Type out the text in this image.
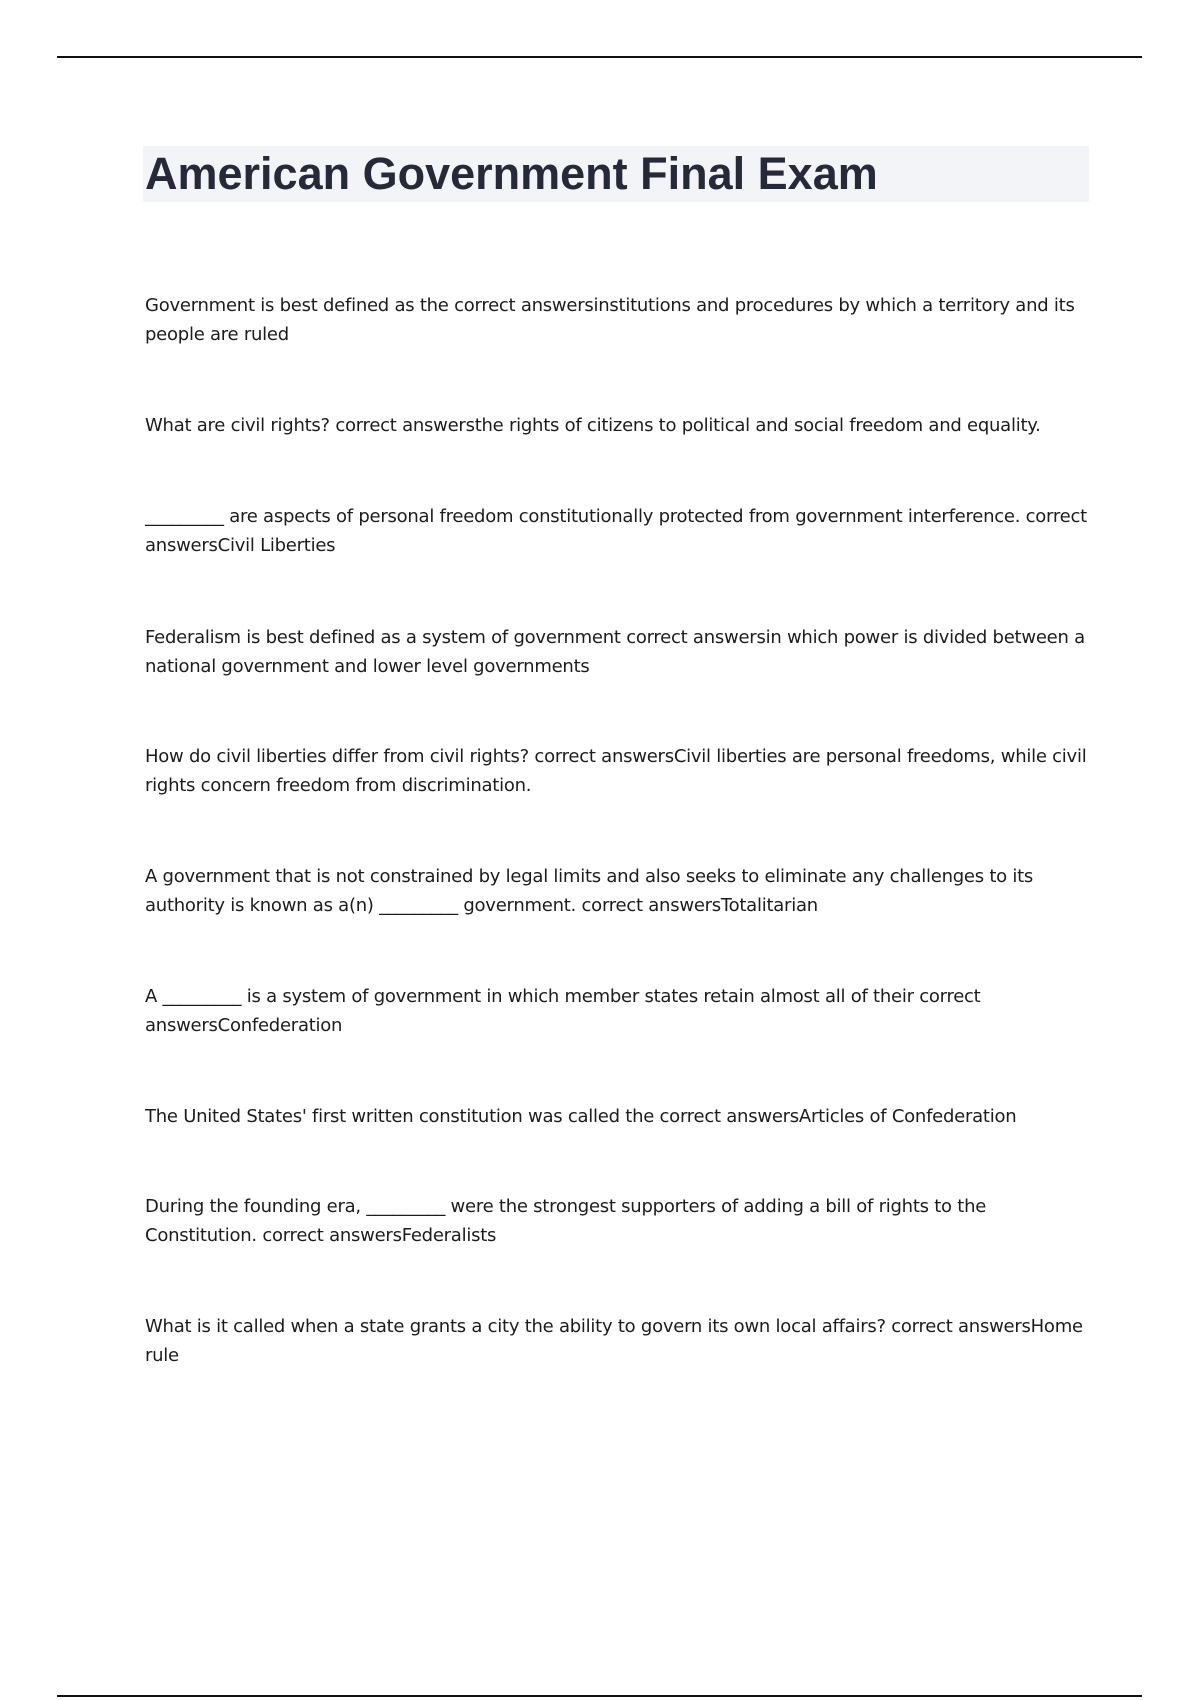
American Government Final Exam

Government is best defined as the correct answersinstitutions and procedures by which a territory and its people are ruled

What are civil rights? correct answersthe rights of citizens to political and social freedom and equality.

_________ are aspects of personal freedom constitutionally protected from government interference. correct answersCivil Liberties

Federalism is best defined as a system of government correct answersin which power is divided between a national government and lower level governments

How do civil liberties differ from civil rights? correct answersCivil liberties are personal freedoms, while civil rights concern freedom from discrimination.

A government that is not constrained by legal limits and also seeks to eliminate any challenges to its authority is known as a(n) _________ government. correct answersTotalitarian

A _________ is a system of government in which member states retain almost all of their correct answersConfederation

The United States' first written constitution was called the correct answersArticles of Confederation

During the founding era, _________ were the strongest supporters of adding a bill of rights to the Constitution. correct answersFederalists

What is it called when a state grants a city the ability to govern its own local affairs? correct answersHome rule
